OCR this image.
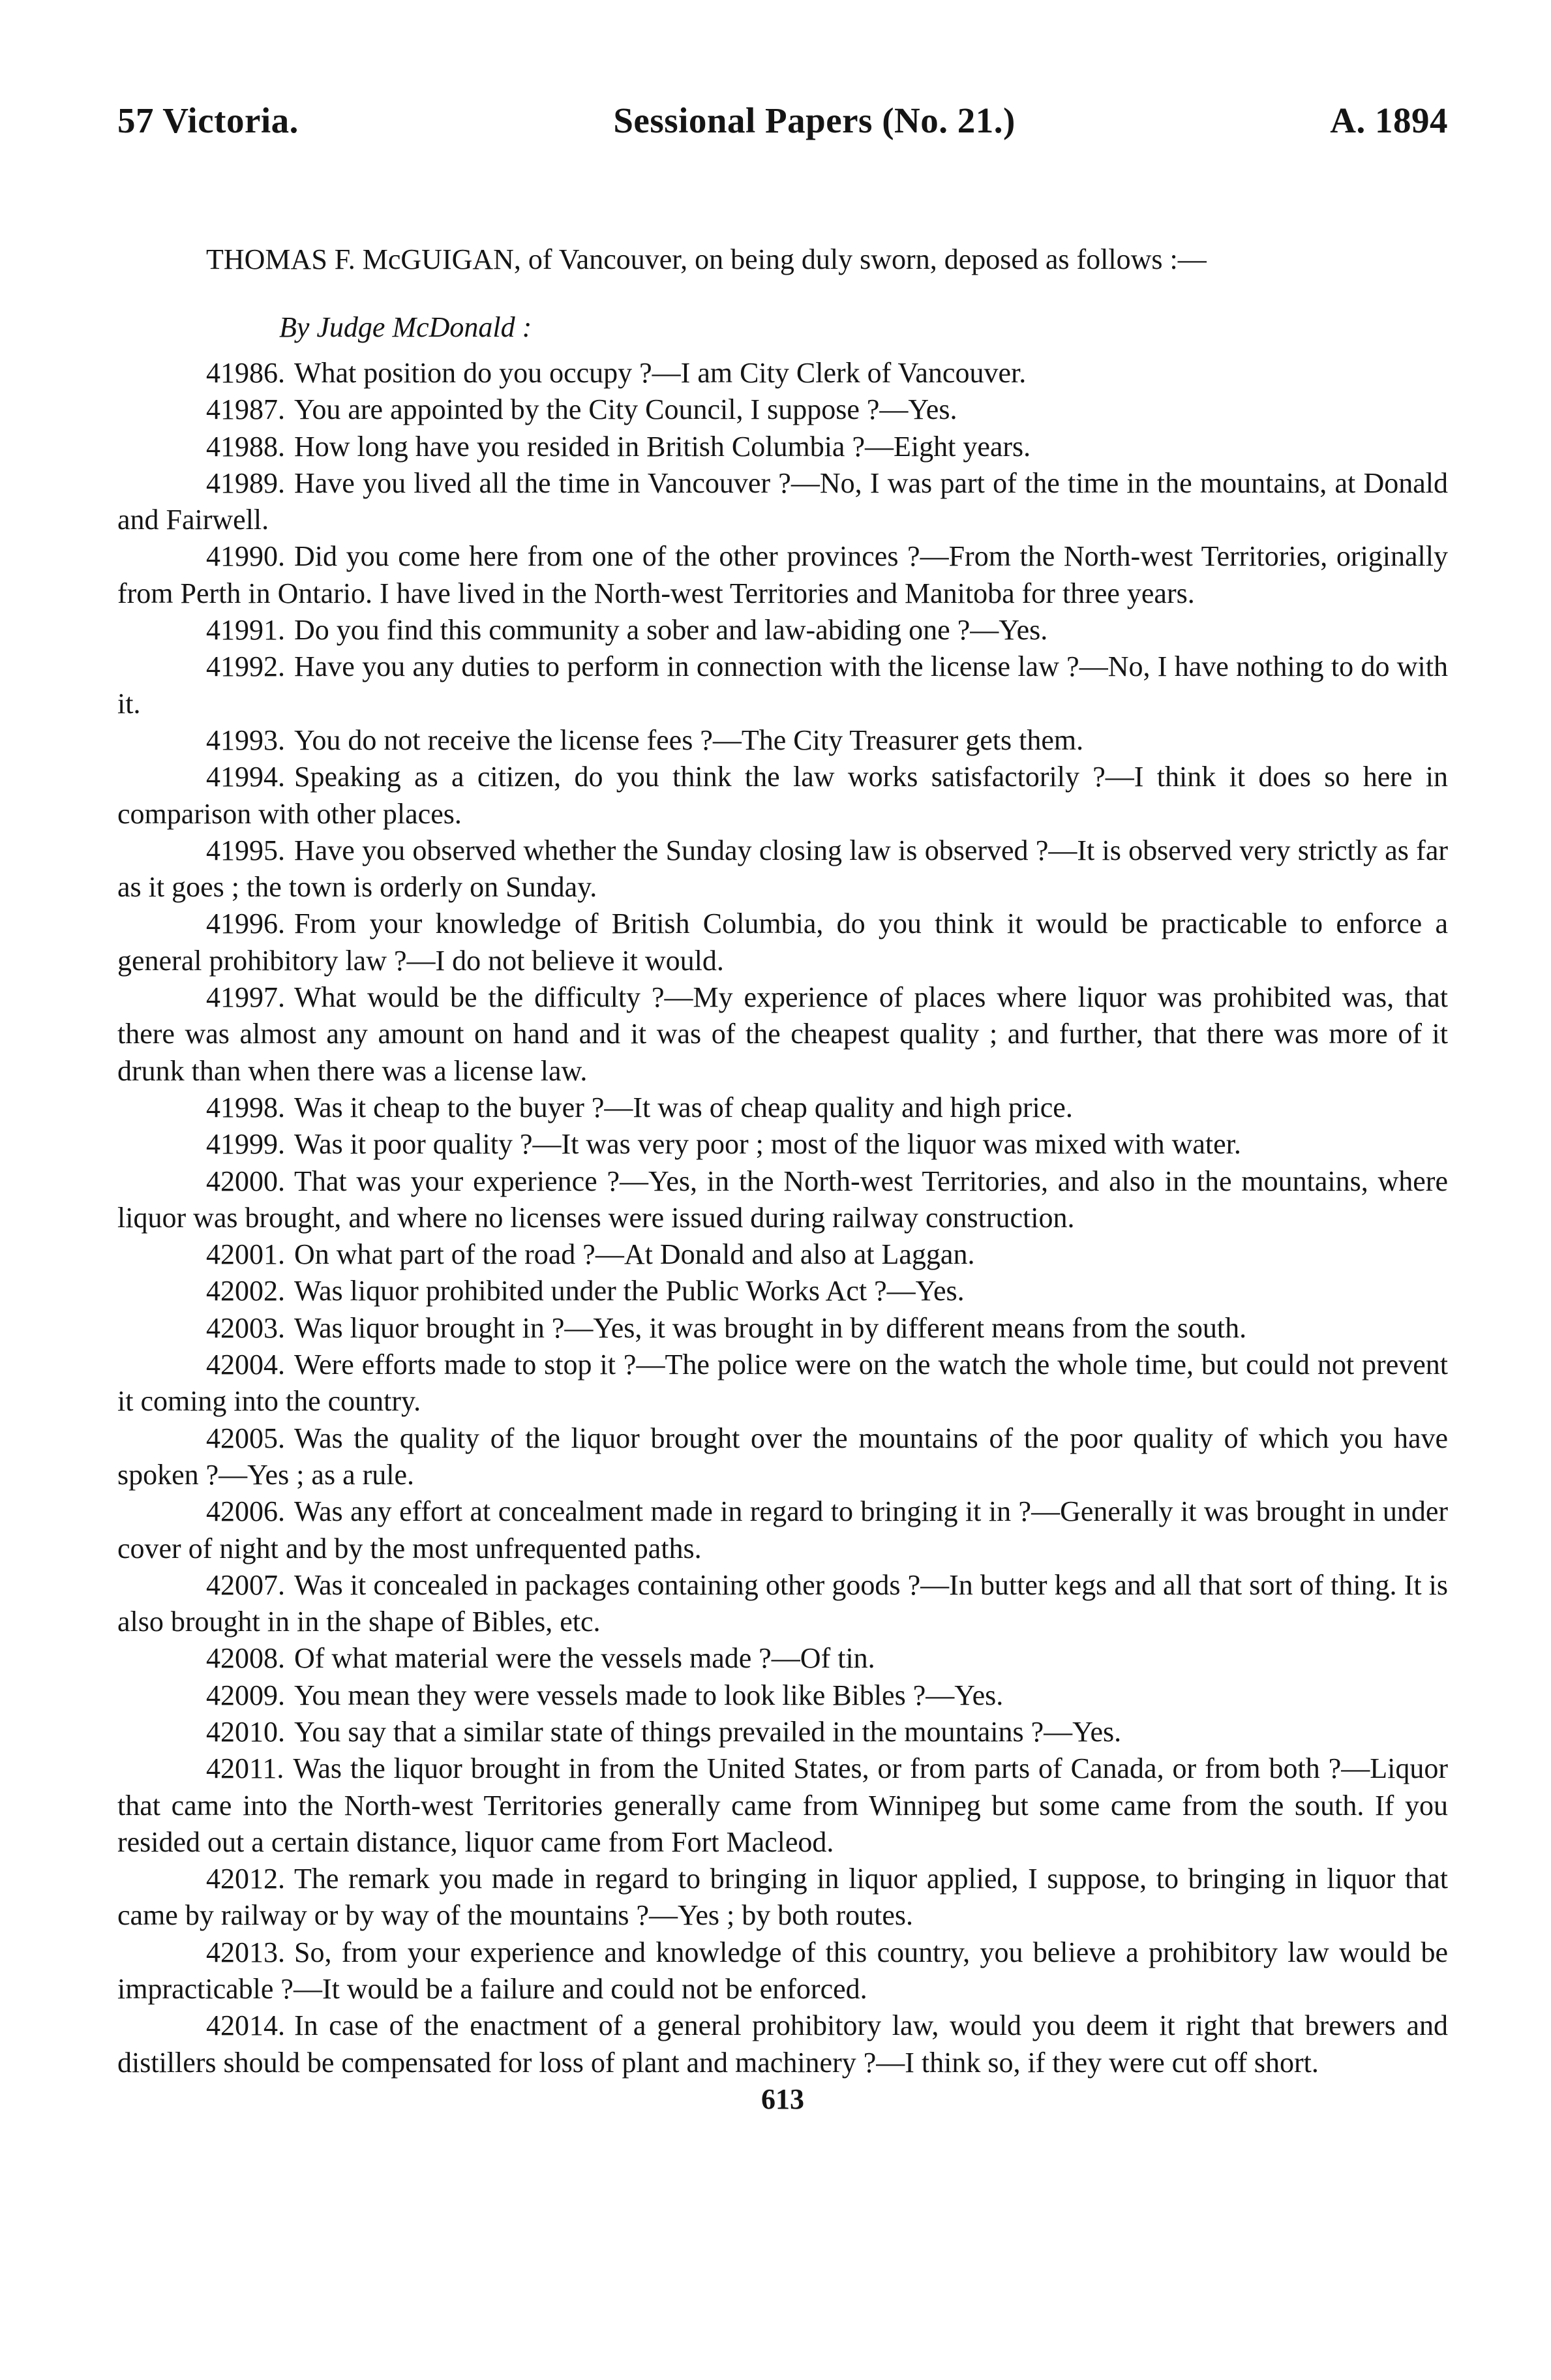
57 Victoria.	Sessional Papers (No. 21.)	A. 1894

THOMAS F. McGUIGAN, of Vancouver, on being duly sworn, deposed as follows :—

By Judge McDonald :

41986. What position do you occupy ?—I am City Clerk of Vancouver.

41987. You are appointed by the City Council, I suppose ?—Yes.

41988. How long have you resided in British Columbia ?—Eight years.

41989. Have you lived all the time in Vancouver ?—No, I was part of the time in the mountains, at Donald and Fairwell.

41990. Did you come here from one of the other provinces ?—From the North-west Territories, originally from Perth in Ontario. I have lived in the North-west Territories and Manitoba for three years.

41991. Do you find this community a sober and law-abiding one ?—Yes.

41992. Have you any duties to perform in connection with the license law ?—No, I have nothing to do with it.

41993. You do not receive the license fees ?—The City Treasurer gets them.

41994. Speaking as a citizen, do you think the law works satisfactorily ?—I think it does so here in comparison with other places.

41995. Have you observed whether the Sunday closing law is observed ?—It is observed very strictly as far as it goes ; the town is orderly on Sunday.

41996. From your knowledge of British Columbia, do you think it would be practicable to enforce a general prohibitory law ?—I do not believe it would.

41997. What would be the difficulty ?—My experience of places where liquor was prohibited was, that there was almost any amount on hand and it was of the cheapest quality ; and further, that there was more of it drunk than when there was a license law.

41998. Was it cheap to the buyer ?—It was of cheap quality and high price.

41999. Was it poor quality ?—It was very poor ; most of the liquor was mixed with water.

42000. That was your experience ?—Yes, in the North-west Territories, and also in the mountains, where liquor was brought, and where no licenses were issued during railway construction.

42001. On what part of the road ?—At Donald and also at Laggan.

42002. Was liquor prohibited under the Public Works Act ?—Yes.

42003. Was liquor brought in ?—Yes, it was brought in by different means from the south.

42004. Were efforts made to stop it ?—The police were on the watch the whole time, but could not prevent it coming into the country.

42005. Was the quality of the liquor brought over the mountains of the poor quality of which you have spoken ?—Yes ; as a rule.

42006. Was any effort at concealment made in regard to bringing it in ?—Generally it was brought in under cover of night and by the most unfrequented paths.

42007. Was it concealed in packages containing other goods ?—In butter kegs and all that sort of thing. It is also brought in in the shape of Bibles, etc.

42008. Of what material were the vessels made ?—Of tin.

42009. You mean they were vessels made to look like Bibles ?—Yes.

42010. You say that a similar state of things prevailed in the mountains ?—Yes.

42011. Was the liquor brought in from the United States, or from parts of Canada, or from both ?—Liquor that came into the North-west Territories generally came from Winnipeg but some came from the south. If you resided out a certain distance, liquor came from Fort Macleod.

42012. The remark you made in regard to bringing in liquor applied, I suppose, to bringing in liquor that came by railway or by way of the mountains ?—Yes ; by both routes.

42013. So, from your experience and knowledge of this country, you believe a prohibitory law would be impracticable ?—It would be a failure and could not be enforced.

42014. In case of the enactment of a general prohibitory law, would you deem it right that brewers and distillers should be compensated for loss of plant and machinery ?—I think so, if they were cut off short.

613
